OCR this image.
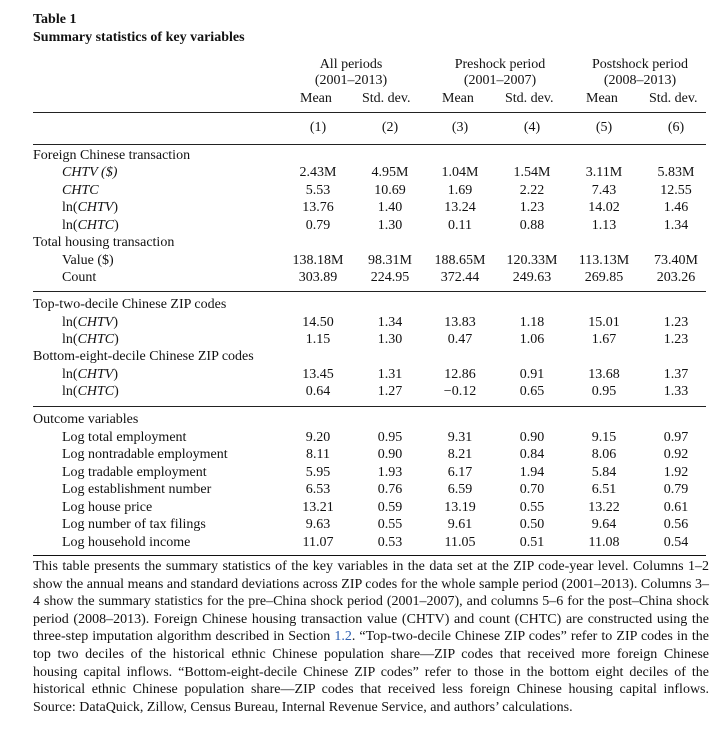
Table 1
Summary statistics of key variables
All periods
(2001–2013)
Preshock period
(2001–2007)
Postshock period
(2008–2013)
Mean Std. dev. Mean Std. dev. Mean Std. dev.
(1)	(2)	(3)	(4)	(5)	(6)
Foreign Chinese transaction
CHTV ($)	2.43M	4.95M 1.04M	1.54M	3.11M	5.83M
CHTC	5.53	10.69	1.69	2.22	7.43	12.55
ln(CHTV)	13.76	1.40	13.24	1.23	14.02	1.46
ln(CHTC)	0.79	1.30	0.11	0.88	1.13	1.34
Total housing transaction
Value ($)	138.18M 98.31M 188.65M 120.33M 113.13M 73.40M
Count	303.89 224.95 372.44 249.63 269.85 203.26
Top-two-decile Chinese ZIP codes
ln(CHTV)	14.50	1.34	13.83	1.18	15.01	1.23
ln(CHTC)	1.15	1.30	0.47	1.06	1.67	1.23
Bottom-eight-decile Chinese ZIP codes
ln(CHTV)	13.45	1.31	12.86	0.91	13.68	1.37
ln(CHTC)	0.64	1.27	−0.12	0.65	0.95	1.33
Outcome variables
Log total employment	9.20	0.95	9.31	0.90	9.15	0.97
Log nontradable employment	8.11	0.90	8.21	0.84	8.06	0.92
Log tradable employment	5.95	1.93	6.17	1.94	5.84	1.92
Log establishment number	6.53	0.76	6.59	0.70	6.51	0.79
Log house price	13.21	0.59	13.19	0.55	13.22	0.61
Log number of tax filings	9.63	0.55	9.61	0.50	9.64	0.56
Log household income	11.07	0.53	11.05	0.51	11.08	0.54
This table presents the summary statistics of the key variables in the data set at the ZIP code-year level. Columns 1–2 show the annual means and standard deviations across ZIP codes for the whole sample period (2001–2013). Columns 3–4 show the summary statistics for the pre–China shock period (2001–2007), and columns 5–6 for the post–China shock period (2008–2013). Foreign Chinese housing transaction value (CHTV) and count (CHTC) are constructed using the three-step imputation algorithm described in Section 1.2. “Top-two-decile Chinese ZIP codes” refer to ZIP codes in the top two deciles of the historical ethnic Chinese population share—ZIP codes that received more foreign Chinese housing capital inflows. “Bottom-eight-decile Chinese ZIP codes” refer to those in the bottom eight deciles of the historical ethnic Chinese population share—ZIP codes that received less foreign Chinese housing capital inflows. Source: DataQuick, Zillow, Census Bureau, Internal Revenue Service, and authors’ calculations.
